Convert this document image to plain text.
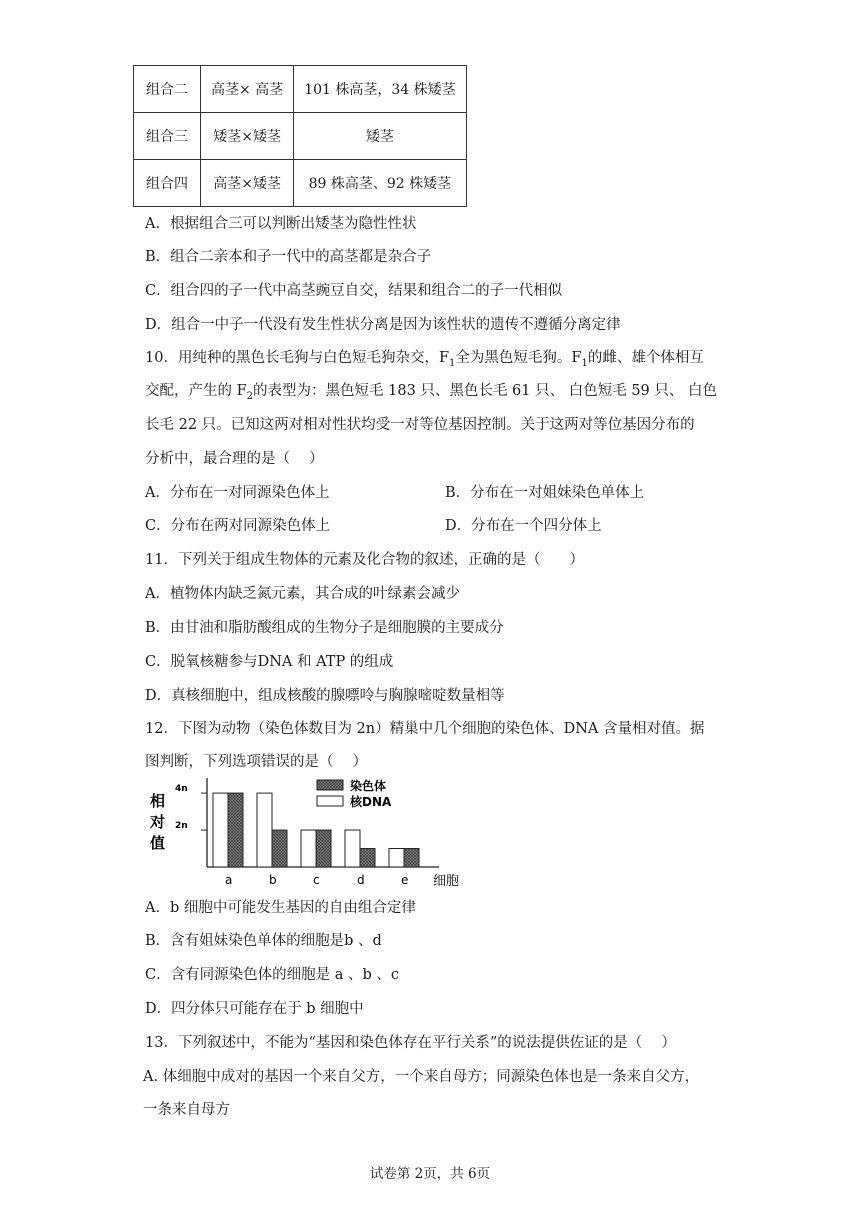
组合二	高茎× 高茎	101 株高茎，34 株矮茎
组合三	矮茎×矮茎	矮茎
组合四	高茎×矮茎	89 株高茎、92 株矮茎
A．根据组合三可以判断出矮茎为隐性性状
B．组合二亲本和子一代中的高茎都是杂合子
C．组合四的子一代中高茎豌豆自交，结果和组合二的子一代相似
D．组合一中子一代没有发生性状分离是因为该性状的遗传不遵循分离定律
10．用纯种的黑色长毛狗与白色短毛狗杂交，$F_1$全为黑色短毛狗。$F_1$的雌、雄个体相互
交配，产生的 $F_2$的表型为：黑色短毛 183 只、黑色长毛 61 只、 白色短毛 59 只、 白色
长毛 22 只。已知这两对相对性状均受一对等位基因控制。关于这两对等位基因分布的
分析中，最合理的是（　 ）
A．分布在一对同源染色体上	B．分布在一对姐妹染色单体上
C．分布在两对同源染色体上	D．分布在一个四分体上
11．下列关于组成生物体的元素及化合物的叙述，正确的是（　　）
A．植物体内缺乏氮元素，其合成的叶绿素会减少
B．由甘油和脂肪酸组成的生物分子是细胞膜的主要成分
C．脱氧核糖参与DNA 和 ATP 的组成
D．真核细胞中，组成核酸的腺嘌呤与胸腺嘧啶数量相等
12．下图为动物（染色体数目为 2n）精巢中几个细胞的染色体、DNA 含量相对值。据
图判断，下列选项错误的是（　 ）
相
对
值
2n
4n
a	b	c	d	e 细胞
染色体
核DNA
A．b 细胞中可能发生基因的自由组合定律
B．含有姐妹染色单体的细胞是b 、d
C．含有同源染色体的细胞是 a 、b 、c
D．四分体只可能存在于 b 细胞中
13．下列叙述中，不能为“基因和染色体存在平行关系”的说法提供佐证的是（　 ）
A. 体细胞中成对的基因一个来自父方，一个来自母方；同源染色体也是一条来自父方，
一条来自母方
试卷第 2页，共 6页
